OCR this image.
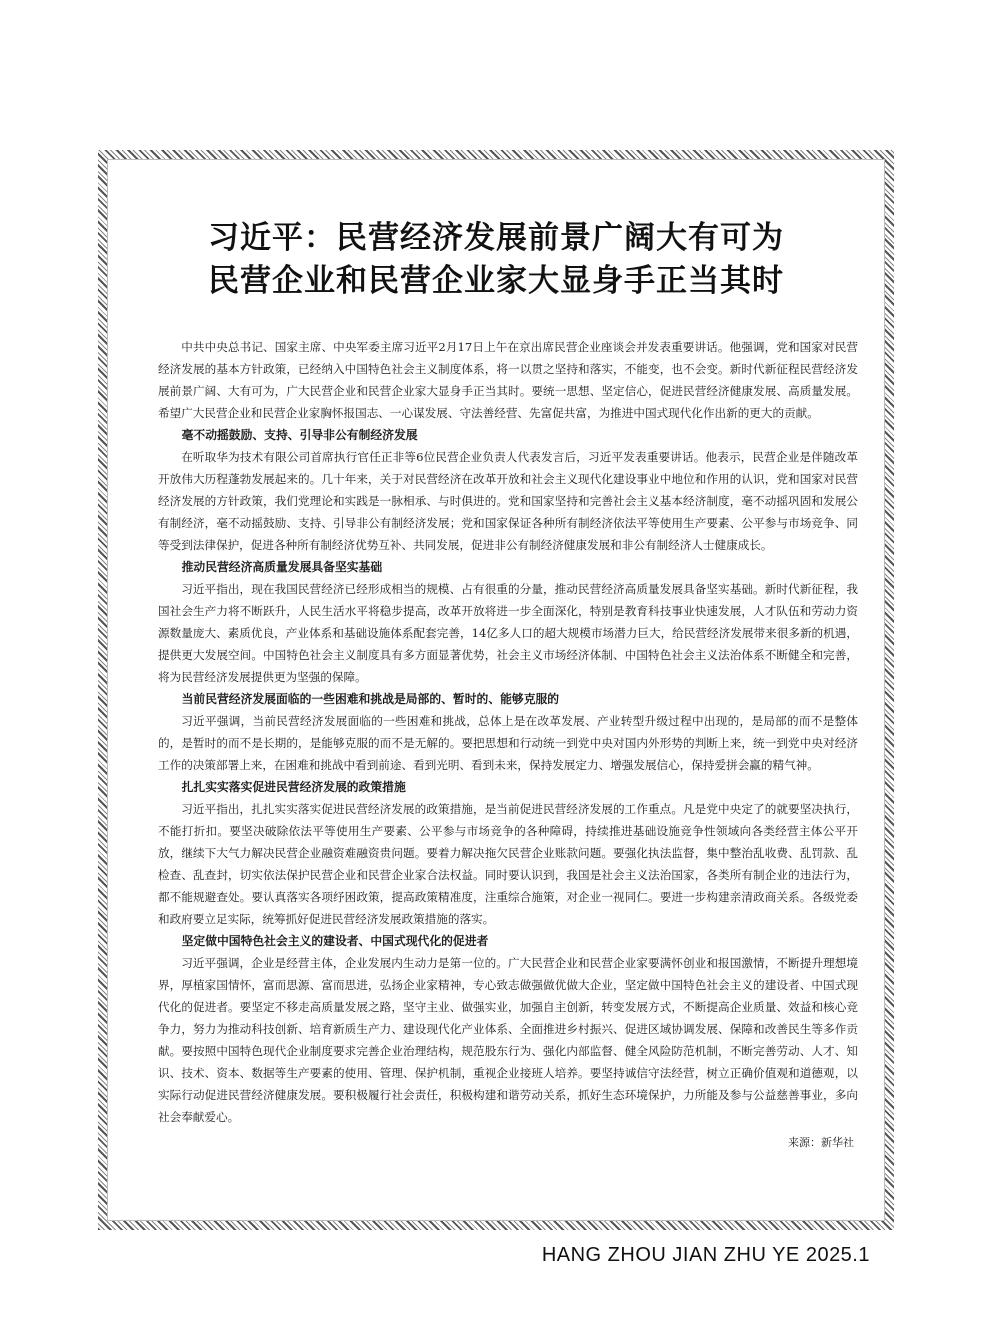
习近平：民营经济发展前景广阔大有可为
民营企业和民营企业家大显身手正当其时

中共中央总书记、国家主席、中央军委主席习近平2月17日上午在京出席民营企业座谈会并发表重要讲话。他强调，党和国家对民营经济发展的基本方针政策，已经纳入中国特色社会主义制度体系，将一以贯之坚持和落实，不能变，也不会变。新时代新征程民营经济发展前景广阔、大有可为，广大民营企业和民营企业家大显身手正当其时。要统一思想、坚定信心，促进民营经济健康发展、高质量发展。希望广大民营企业和民营企业家胸怀报国志、一心谋发展、守法善经营、先富促共富，为推进中国式现代化作出新的更大的贡献。

毫不动摇鼓励、支持、引导非公有制经济发展

在听取华为技术有限公司首席执行官任正非等6位民营企业负责人代表发言后，习近平发表重要讲话。他表示，民营企业是伴随改革开放伟大历程蓬勃发展起来的。几十年来，关于对民营经济在改革开放和社会主义现代化建设事业中地位和作用的认识，党和国家对民营经济发展的方针政策，我们党理论和实践是一脉相承、与时俱进的。党和国家坚持和完善社会主义基本经济制度，毫不动摇巩固和发展公有制经济，毫不动摇鼓励、支持、引导非公有制经济发展；党和国家保证各种所有制经济依法平等使用生产要素、公平参与市场竞争、同等受到法律保护，促进各种所有制经济优势互补、共同发展，促进非公有制经济健康发展和非公有制经济人士健康成长。

推动民营经济高质量发展具备坚实基础

习近平指出，现在我国民营经济已经形成相当的规模、占有很重的分量，推动民营经济高质量发展具备坚实基础。新时代新征程，我国社会生产力将不断跃升，人民生活水平将稳步提高，改革开放将进一步全面深化，特别是教育科技事业快速发展，人才队伍和劳动力资源数量庞大、素质优良，产业体系和基础设施体系配套完善，14亿多人口的超大规模市场潜力巨大，给民营经济发展带来很多新的机遇，提供更大发展空间。中国特色社会主义制度具有多方面显著优势，社会主义市场经济体制、中国特色社会主义法治体系不断健全和完善，将为民营经济发展提供更为坚强的保障。

当前民营经济发展面临的一些困难和挑战是局部的、暂时的、能够克服的

习近平强调，当前民营经济发展面临的一些困难和挑战，总体上是在改革发展、产业转型升级过程中出现的，是局部的而不是整体的，是暂时的而不是长期的，是能够克服的而不是无解的。要把思想和行动统一到党中央对国内外形势的判断上来，统一到党中央对经济工作的决策部署上来，在困难和挑战中看到前途、看到光明、看到未来，保持发展定力、增强发展信心，保持爱拼会赢的精气神。

扎扎实实落实促进民营经济发展的政策措施

习近平指出，扎扎实实落实促进民营经济发展的政策措施，是当前促进民营经济发展的工作重点。凡是党中央定了的就要坚决执行，不能打折扣。要坚决破除依法平等使用生产要素、公平参与市场竞争的各种障碍，持续推进基础设施竞争性领域向各类经营主体公平开放，继续下大气力解决民营企业融资难融资贵问题。要着力解决拖欠民营企业账款问题。要强化执法监督，集中整治乱收费、乱罚款、乱检查、乱查封，切实依法保护民营企业和民营企业家合法权益。同时要认识到，我国是社会主义法治国家，各类所有制企业的违法行为，都不能规避查处。要认真落实各项纾困政策，提高政策精准度，注重综合施策，对企业一视同仁。要进一步构建亲清政商关系。各级党委和政府要立足实际，统筹抓好促进民营经济发展政策措施的落实。

坚定做中国特色社会主义的建设者、中国式现代化的促进者

习近平强调，企业是经营主体，企业发展内生动力是第一位的。广大民营企业和民营企业家要满怀创业和报国激情，不断提升理想境界，厚植家国情怀，富而思源、富而思进，弘扬企业家精神，专心致志做强做优做大企业，坚定做中国特色社会主义的建设者、中国式现代化的促进者。要坚定不移走高质量发展之路，坚守主业、做强实业，加强自主创新，转变发展方式，不断提高企业质量、效益和核心竞争力，努力为推动科技创新、培育新质生产力、建设现代化产业体系、全面推进乡村振兴、促进区域协调发展、保障和改善民生等多作贡献。要按照中国特色现代企业制度要求完善企业治理结构，规范股东行为、强化内部监督、健全风险防范机制，不断完善劳动、人才、知识、技术、资本、数据等生产要素的使用、管理、保护机制，重视企业接班人培养。要坚持诚信守法经营，树立正确价值观和道德观，以实际行动促进民营经济健康发展。要积极履行社会责任，积极构建和谐劳动关系，抓好生态环境保护，力所能及参与公益慈善事业，多向社会奉献爱心。

来源：新华社
HANG ZHOU JIAN ZHU YE 2025.1
